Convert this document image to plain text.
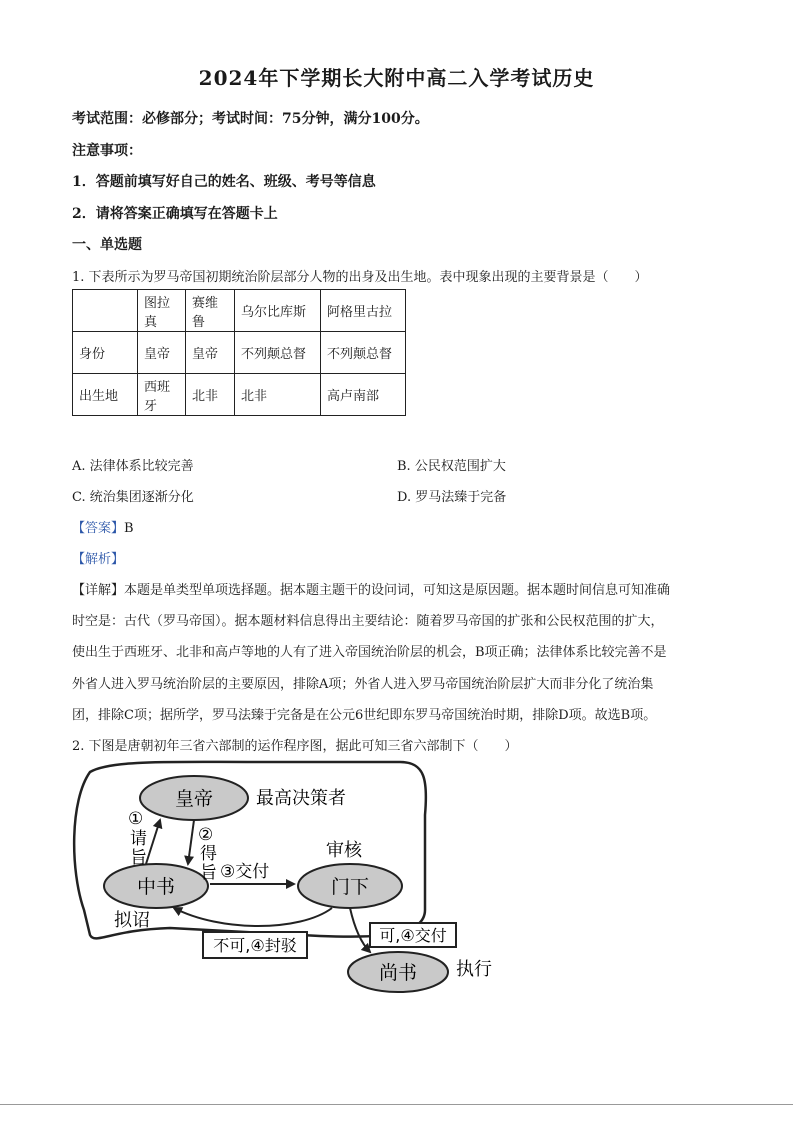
2024年下学期长大附中高二入学考试历史
考试范围：必修部分；考试时间：75分钟，满分100分。
注意事项：
1．答题前填写好自己的姓名、班级、考号等信息
2．请将答案正确填写在答题卡上
一、单选题
1. 下表所示为罗马帝国初期统治阶层部分人物的出身及出生地。表中现象出现的主要背景是（　　）
	图拉真	赛维鲁	乌尔比库斯	阿格里古拉
身份	皇帝	皇帝	不列颠总督	不列颠总督
出生地	西班牙	北非	北非	高卢南部
A. 法律体系比较完善	B. 公民权范围扩大
C. 统治集团逐渐分化	D. 罗马法臻于完备
【答案】B
【解析】
【详解】本题是单类型单项选择题。据本题主题干的设问词，可知这是原因题。据本题时间信息可知准确
时空是：古代（罗马帝国）。据本题材料信息得出主要结论：随着罗马帝国的扩张和公民权范围的扩大，
使出生于西班牙、北非和高卢等地的人有了进入帝国统治阶层的机会，B项正确；法律体系比较完善不是
外省人进入罗马统治阶层的主要原因，排除A项；外省人进入罗马帝国统治阶层扩大而非分化了统治集
团，排除C项；据所学，罗马法臻于完备是在公元6世纪即东罗马帝国统治时期，排除D项。故选B项。
2. 下图是唐朝初年三省六部制的运作程序图，据此可知三省六部制下（　　）
皇帝 最高决策者
中书
拟诏
门下
审核
尚书 执行
①
请
旨
②
得
旨 ③交付
不可,④封驳
可,④交付
